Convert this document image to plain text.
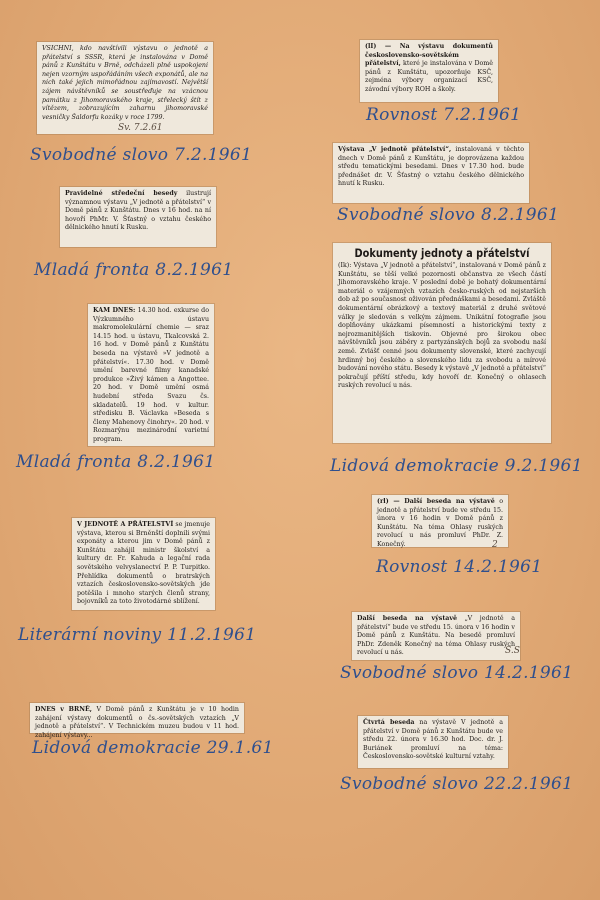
VSICHNI, kdo navštívili výstavu o jednotě a přátelství s SSSR, která je instalována v Domě pánů z Kunštátu v Brně, odcházeli plně uspokojeni nejen vzorným uspořádáním všech exponátů, ale na nich také jejich mimořádnou zajímavostí. Největší zájem návštěvníků se soustřeďuje na vzácnou památku z Jihomoravského kraje, střelecký štít z vítězem, zobrazujícím zaharnu jihomoravské vesničky Šaldorfu kozáky v roce 1799.
Sv. 7.2.61
(lI) — Na výstavu dokumentů československo-sovětském přátelství, které je instalována v Domě pánů z Kunštátu, upozorňuje KSČ, zejména výbory organizací KSČ, závodní výbory ROH a školy.
Rovnost 7.2.1961
Svobodné slovo 7.2.1961	Výstava „V jednotě přátelství“, instalovaná v těchto dnech v Domě pánů z Kunštátu, je doprovázena každou středu tematickými besedami. Dnes v 17.30 hod. bude přednášet dr. V. Šťastný o vztahu českého dělnického hnutí k Rusku.
Pravidelné středeční besedy ilustrují významnou výstavu „V jednotě a přátelství“ v Domě pánů z Kunštátu. Dnes v 16 hod. na ní hovoří PhMr. V. Šťastný o vztahu českého dělnického hnutí k Rusku.
Svobodné slovo 8.2.1961
Dokumenty jednoty a přátelství
(Ik): Výstava „V jednotě a přátelství“, instalovaná v Domě pánů z Kunštátu, se těší velké pozornosti občanstva ze všech částí Jihomoravského kraje. V poslední době je bohatý dokumentární materiál o vzájemných vztazích česko-ruských od nejstarších dob až po současnost oživován přednáškami a besedami. Zvláště dokumentární obrázkový a textový materiál z druhé světové války je sledován s velkým zájmem. Unikátní fotografie jsou doplňovány ukázkami písemností a historickými texty z nejrozmanitějších tiskovin. Objevné pro širokou obec návštěvníků jsou záběry z partyzánských bojů za svobodu naší země. Zvlášť cenné jsou dokumenty slovenské, které zachycují hrdinný boj českého a slovenského lidu za svobodu a mírové budování nového státu. Besedy k výstavě „V jednotě a přátelství“ pokračují příští středu, kdy hovoří dr. Konečný o ohlasech ruských revolucí u nás.
Mladá fronta 8.2.1961
KAM DNES: 14.30 hod. exkurse do Výzkumného ústavu makromolekulární chemie — sraz 14.15 hod. u ústavu, Tkalcovská 2. 16 hod. v Domě pánů z Kunštátu beseda na výstavě »V jednotě a přátelství«. 17.30 hod. v Domě umění barevné filmy kanadské produkce »Živý kámen a Angottee. 20 hod. v Domě umění osmá hudební středa Svazu čs. skladatelů. 19 hod. v kultur. středisku B. Václavka »Beseda s členy Mahenovy činohry«. 20 hod. v Rozmarýnu mezinárodní varietní program.
Mladá fronta 8.2.1961	Lidová demokracie 9.2.1961
(rl) — Další beseda na výstavě o jednotě a přátelství bude ve středu 15. února v 16 hodin v Domě pánů z Kunštátu. Na téma Ohlasy ruských revolucí u nás promluví PhDr. Z. Konečný.	2
V JEDNOTĚ A PŘÁTELSTVÍ se jmenuje výstava, kterou si Brněnští doplnili svými exponáty a kterou jim v Domě pánů z Kunštátu zahájil ministr školství a kultury dr. Fr. Kahuda a legační rada sovětského velvyslanectví P. P. Turpitko. Přehlídka dokumentů o bratrských vztazích československo-sovětských jde potěšila i mnoho starých členů strany, bojovníků za toto životodárné sblížení.
Rovnost 14.2.1961
Další beseda na výstavě „V jednotě a přátelství“ bude ve středu 15. února v 16 hodin v Domě pánů z Kunštátu. Na besedě promluví PhDr. Zdeněk Konečný na téma Ohlasy ruských revolucí u nás.	S.S
Literární noviny 11.2.1961
Svobodné slovo 14.2.1961
DNES v BRNĚ, V Domě pánů z Kunštátu je v 10 hodin zahájení výstavy dokumentů o čs.-sovětských vztazích „V jednotě a přátelství“. V Technickém muzeu budou v 11 hod. zahájení výstavy...
Lidová demokracie 29.1.61
Čtvrtá beseda na výstavě V jednotě a přátelství v Domě pánů z Kunštátu bude ve středu 22. února v 16.30 hod. Doc. dr. J. Buriánek promluví na téma: Československo-sovětské kulturní vztahy.
Svobodné slovo 22.2.1961
